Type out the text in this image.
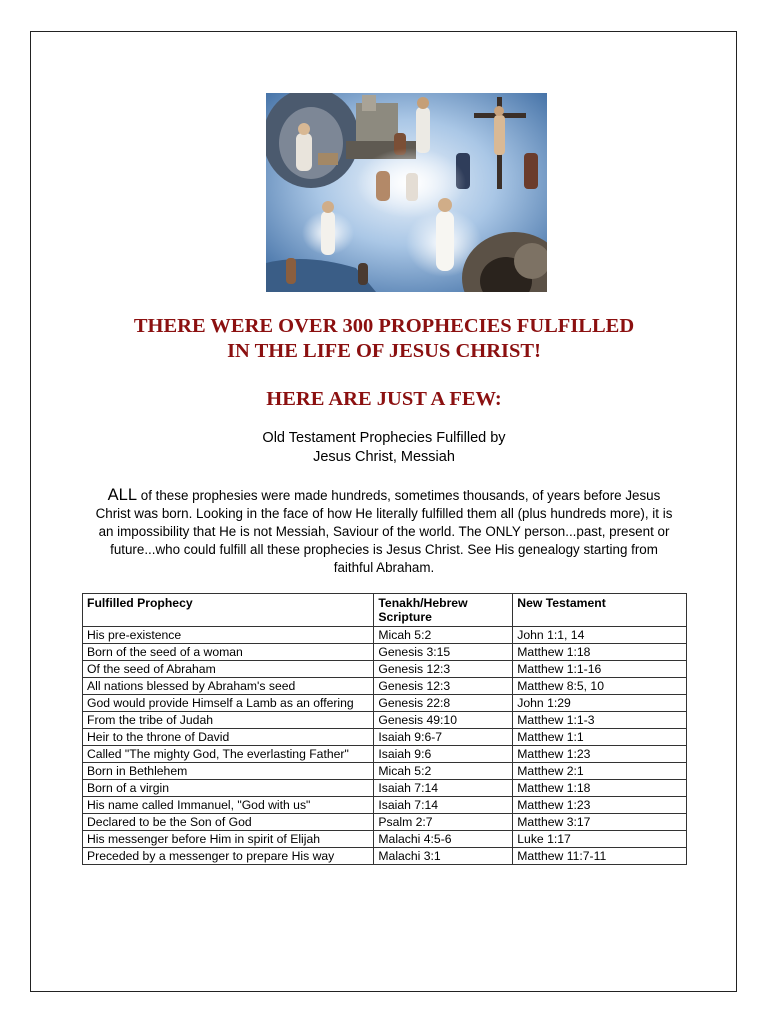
THERE WERE OVER 300 PROPHECIES FULFILLED
IN THE LIFE OF JESUS CHRIST!
HERE ARE JUST A FEW:

Old Testament Prophecies Fulfilled by
Jesus Christ, Messiah

ALL of these prophesies were made hundreds, sometimes thousands, of years before Jesus Christ was born. Looking in the face of how He literally fulfilled them all (plus hundreds more), it is an impossibility that He is not Messiah, Saviour of the world. The ONLY person...past, present or future...who could fulfill all these prophecies is Jesus Christ. See His genealogy starting from faithful Abraham.

Fulfilled Prophecy	Tenakh/Hebrew Scripture	New Testament
His pre-existence	Micah 5:2	John 1:1, 14
Born of the seed of a woman	Genesis 3:15	Matthew 1:18
Of the seed of Abraham	Genesis 12:3	Matthew 1:1-16
All nations blessed by Abraham's seed	Genesis 12:3	Matthew 8:5, 10
God would provide Himself a Lamb as an offering	Genesis 22:8	John 1:29
From the tribe of Judah	Genesis 49:10	Matthew 1:1-3
Heir to the throne of David	Isaiah 9:6-7	Matthew 1:1
Called "The mighty God, The everlasting Father"	Isaiah 9:6	Matthew 1:23
Born in Bethlehem	Micah 5:2	Matthew 2:1
Born of a virgin	Isaiah 7:14	Matthew 1:18
His name called Immanuel, "God with us"	Isaiah 7:14	Matthew 1:23
Declared to be the Son of God	Psalm 2:7	Matthew 3:17
His messenger before Him in spirit of Elijah	Malachi 4:5-6	Luke 1:17
Preceded by a messenger to prepare His way	Malachi 3:1	Matthew 11:7-11
